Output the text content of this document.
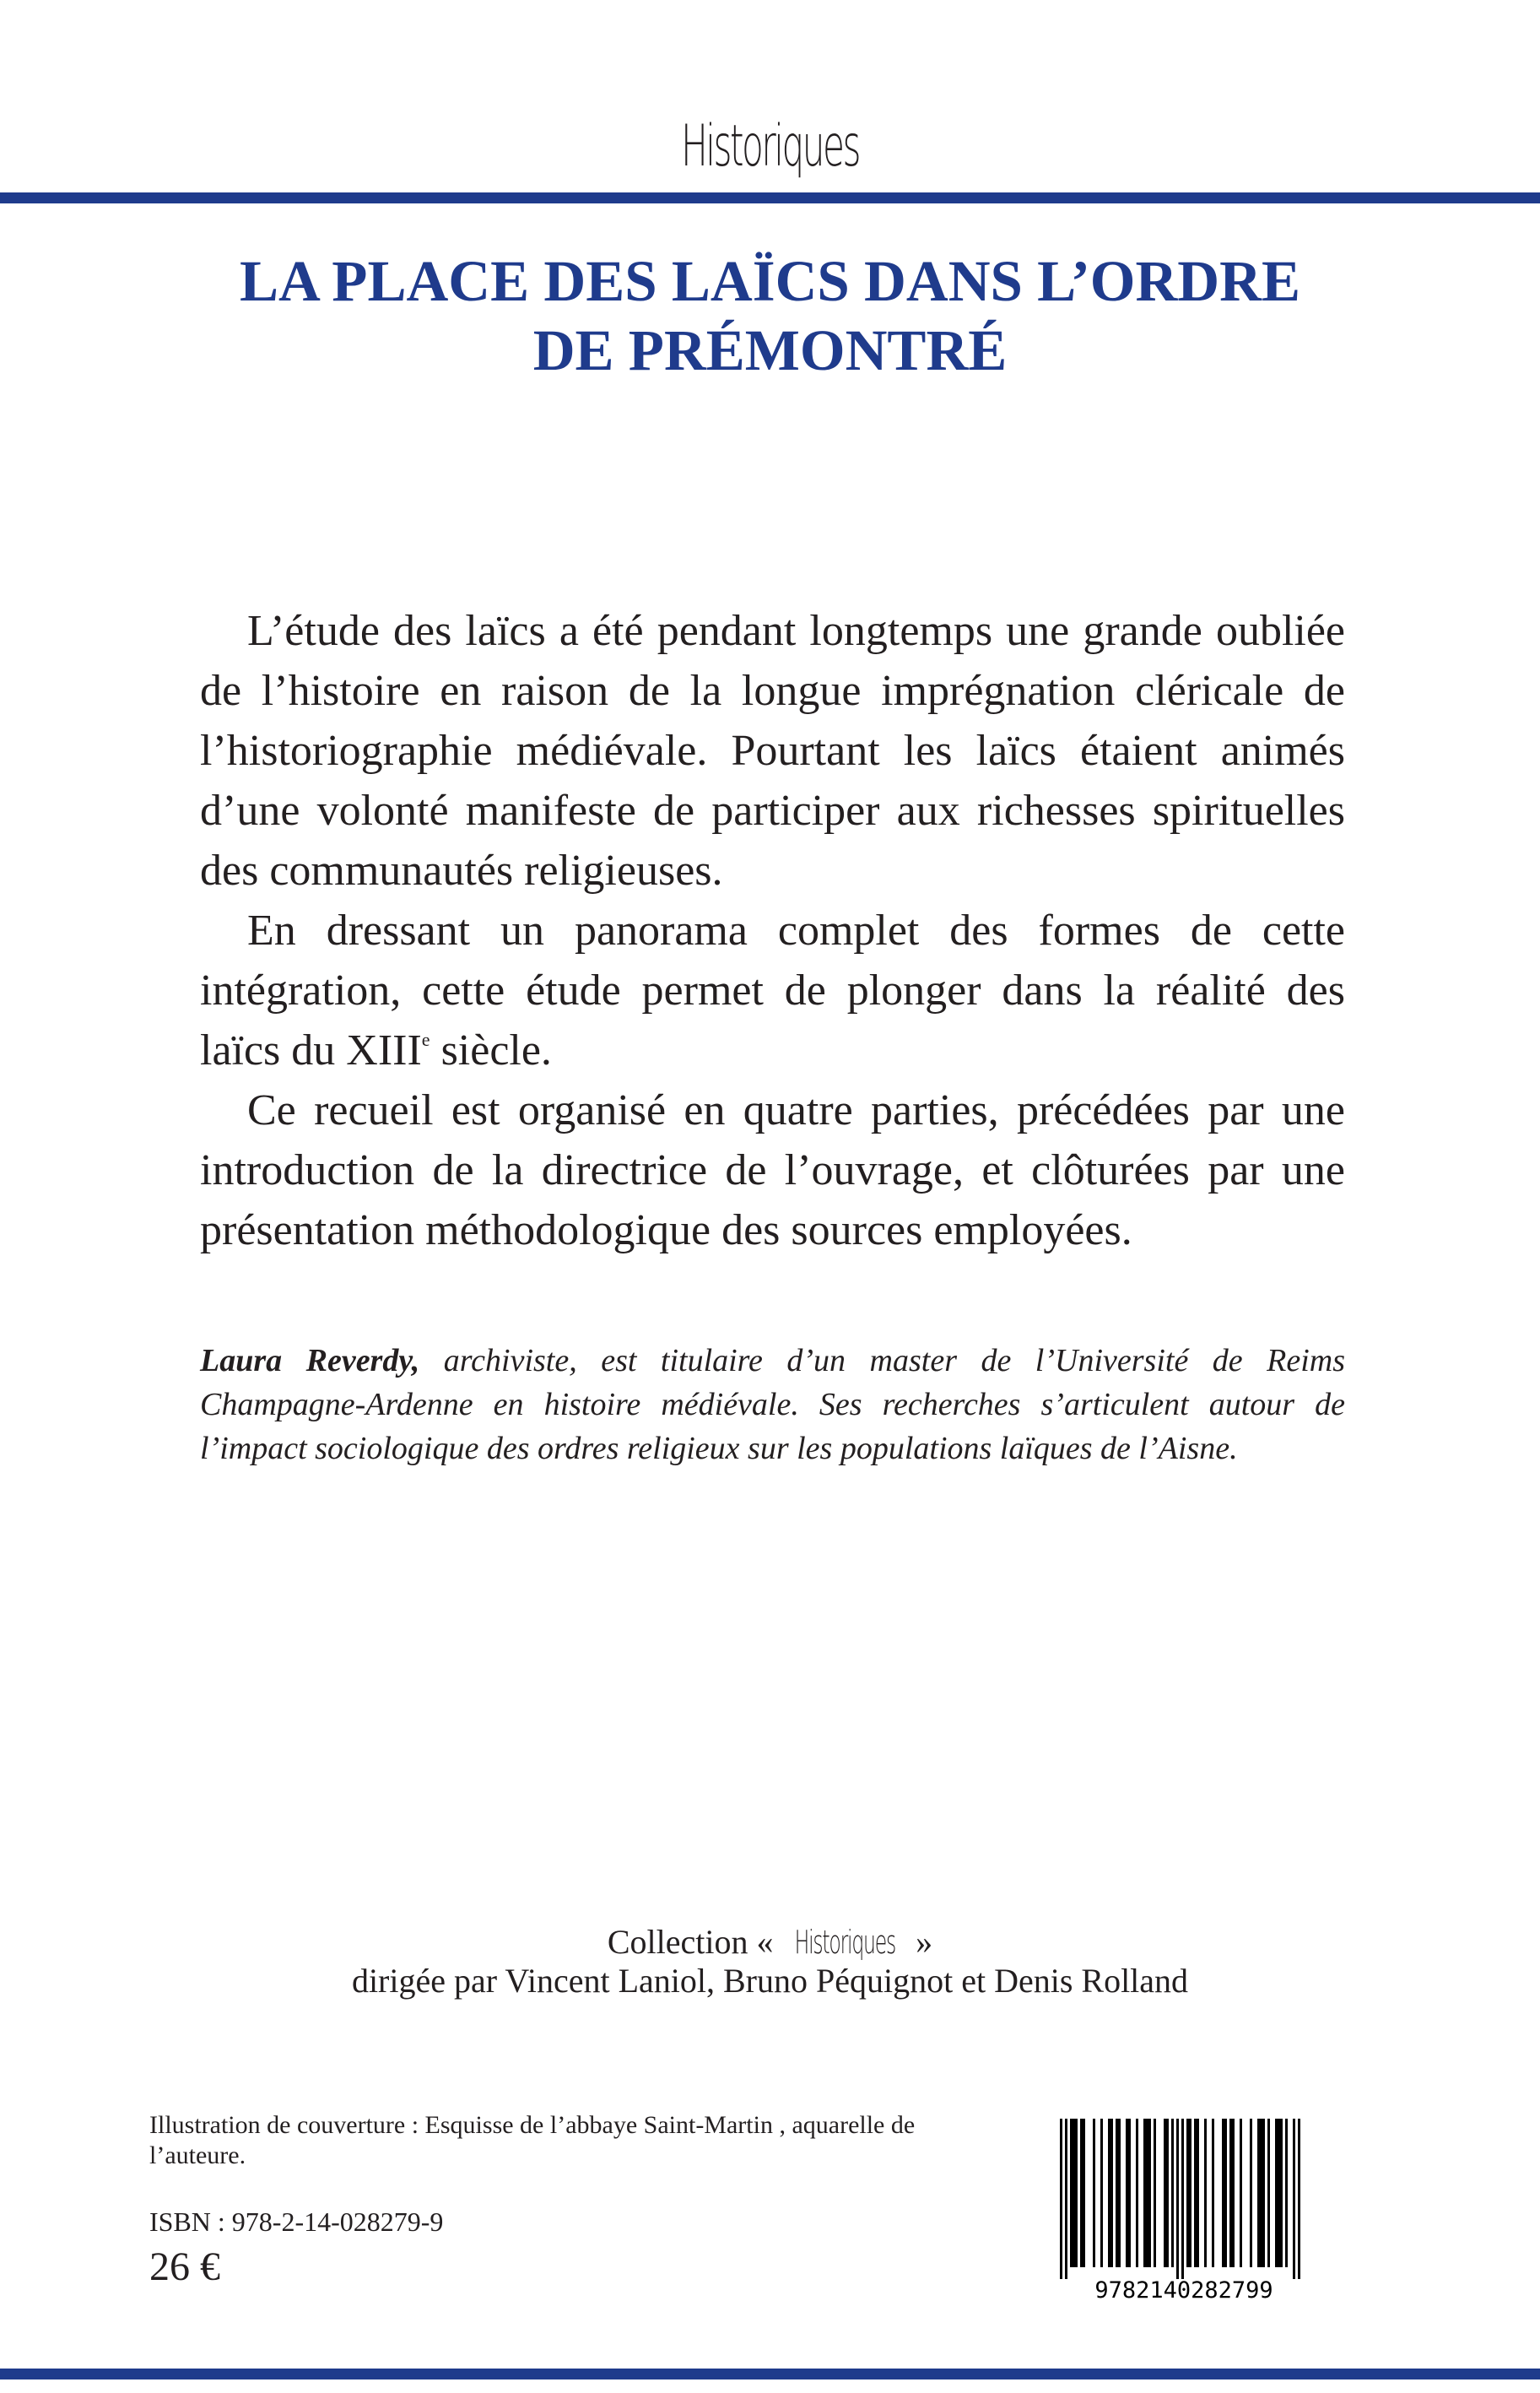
Historiques
LA PLACE DES LAÏCS DANS L’ORDRE
DE PRÉMONTRÉ

L’étude des laïcs a été pendant longtemps une grande oubliée de l’histoire en raison de la longue imprégnation cléricale de l’historiographie médiévale. Pourtant les laïcs étaient animés d’une volonté manifeste de participer aux richesses spirituelles des communautés religieuses.

En dressant un panorama complet des formes de cette intégration, cette étude permet de plonger dans la réalité des laïcs du XIIIe siècle.

Ce recueil est organisé en quatre parties, précédées par une introduction de la directrice de l’ouvrage, et clôturées par une présentation méthodologique des sources employées.

Laura Reverdy, archiviste, est titulaire d’un master de l’Université de Reims Champagne-Ardenne en histoire médiévale. Ses recherches s’articulent autour de l’impact sociologique des ordres religieux sur les populations laïques de l’Aisne.

Collection « Historiques »
dirigée par Vincent Laniol, Bruno Péquignot et Denis Rolland
Illustration de couverture : Esquisse de l’abbaye Saint-Martin , aquarelle de l’auteure.
ISBN : 978-2-14-028279-9
26 €
9782140282799
